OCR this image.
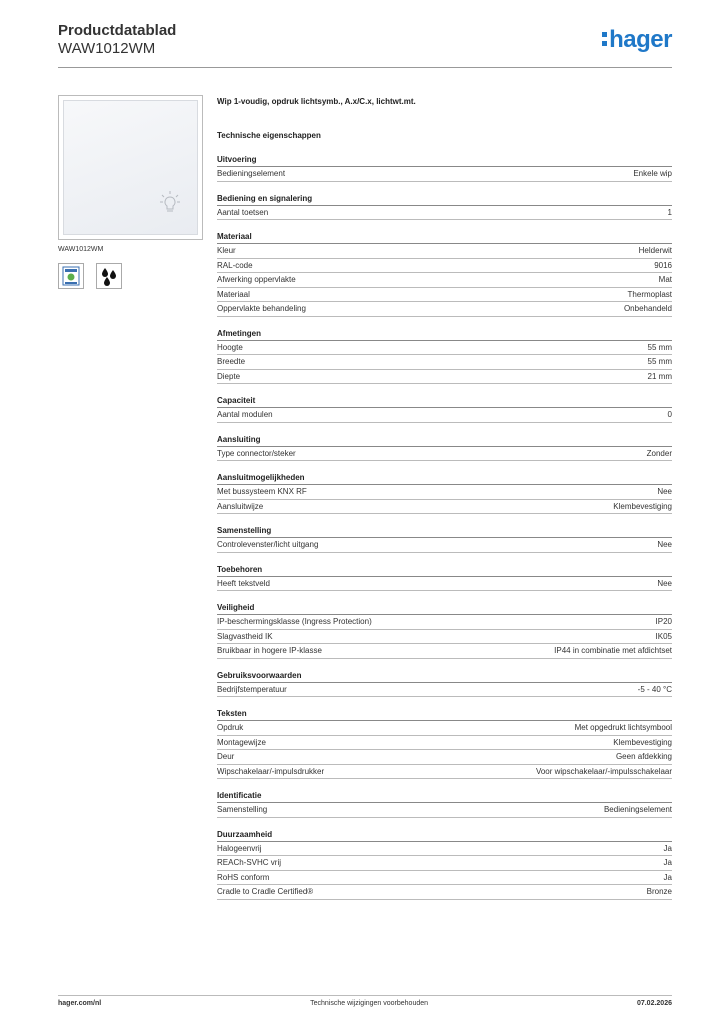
Productdatablad
WAW1012WM	hager
WAW1012WM
Wip 1-voudig, opdruk lichtsymb., A.x/C.x, lichtwt.mt.
Technische eigenschappen
Uitvoering
Bedieningselement	Enkele wip
Bediening en signalering
Aantal toetsen	1
Materiaal
Kleur	Helderwit
RAL-code	9016
Afwerking oppervlakte	Mat
Materiaal	Thermoplast
Oppervlakte behandeling	Onbehandeld
Afmetingen
Hoogte	55 mm
Breedte	55 mm
Diepte	21 mm
Capaciteit
Aantal modulen	0
Aansluiting
Type connector/steker	Zonder
Aansluitmogelijkheden
Met bussysteem KNX RF	Nee
Aansluitwijze	Klembevestiging
Samenstelling
Controlevenster/licht uitgang	Nee
Toebehoren
Heeft tekstveld	Nee
Veiligheid
IP-beschermingsklasse (Ingress Protection)	IP20
Slagvastheid IK	IK05
Bruikbaar in hogere IP-klasse	IP44 in combinatie met afdichtset
Gebruiksvoorwaarden
Bedrijfstemperatuur	-5 - 40 °C
Teksten
Opdruk	Met opgedrukt lichtsymbool
Montagewijze	Klembevestiging
Deur	Geen afdekking
Wipschakelaar/-impulsdrukker	Voor wipschakelaar/-impulsschakelaar
Identificatie
Samenstelling	Bedieningselement
Duurzaamheid
Halogeenvrij	Ja
REACh-SVHC vrij	Ja
RoHS conform	Ja
Cradle to Cradle Certified®	Bronze
hager.com/nl	Technische wijzigingen voorbehouden	07.02.2026
